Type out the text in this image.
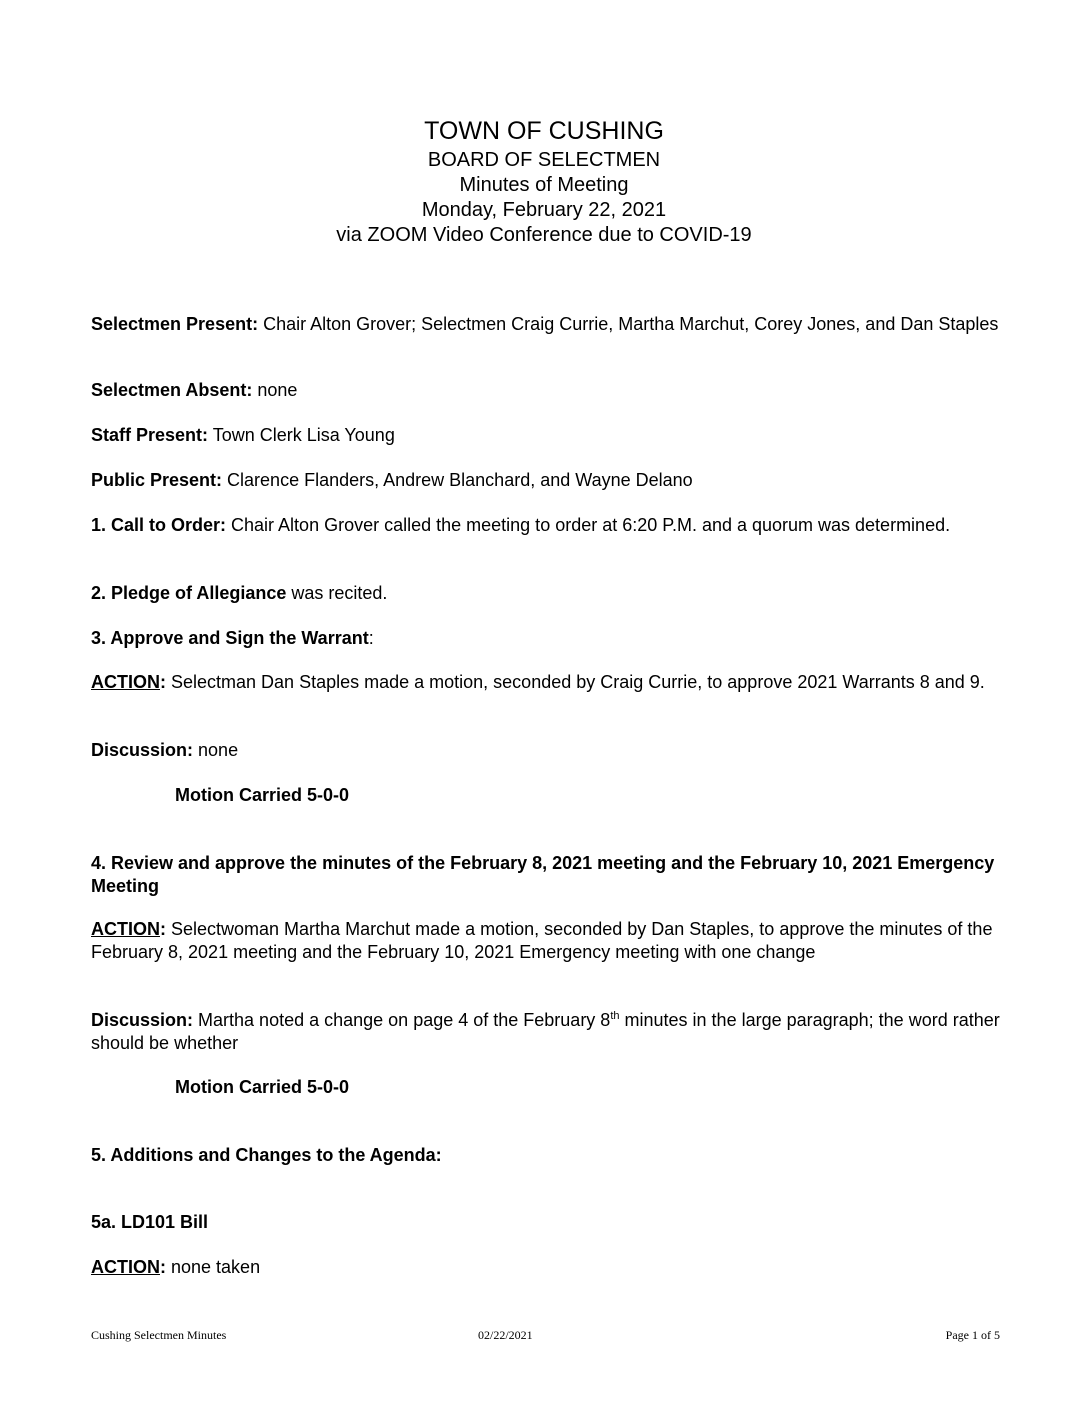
TOWN OF CUSHING
BOARD OF SELECTMEN
Minutes of Meeting
Monday, February 22, 2021
via ZOOM Video Conference due to COVID-19

Selectmen Present: Chair Alton Grover; Selectmen Craig Currie, Martha Marchut, Corey Jones, and Dan Staples

Selectmen Absent: none

Staff Present: Town Clerk Lisa Young

Public Present: Clarence Flanders, Andrew Blanchard, and Wayne Delano

1. Call to Order: Chair Alton Grover called the meeting to order at 6:20 P.M. and a quorum was determined.

2. Pledge of Allegiance was recited.

3. Approve and Sign the Warrant:

ACTION: Selectman Dan Staples made a motion, seconded by Craig Currie, to approve 2021 Warrants 8 and 9.

Discussion: none

Motion Carried 5-0-0

4. Review and approve the minutes of the February 8, 2021 meeting and the February 10, 2021 Emergency Meeting

ACTION: Selectwoman Martha Marchut made a motion, seconded by Dan Staples, to approve the minutes of the February 8, 2021 meeting and the February 10, 2021 Emergency meeting with one change

Discussion: Martha noted a change on page 4 of the February 8th minutes in the large paragraph; the word rather should be whether

Motion Carried 5-0-0

5. Additions and Changes to the Agenda:

5a. LD101 Bill

ACTION: none taken

Cushing Selectmen Minutes	02/22/2021	Page 1 of 5
